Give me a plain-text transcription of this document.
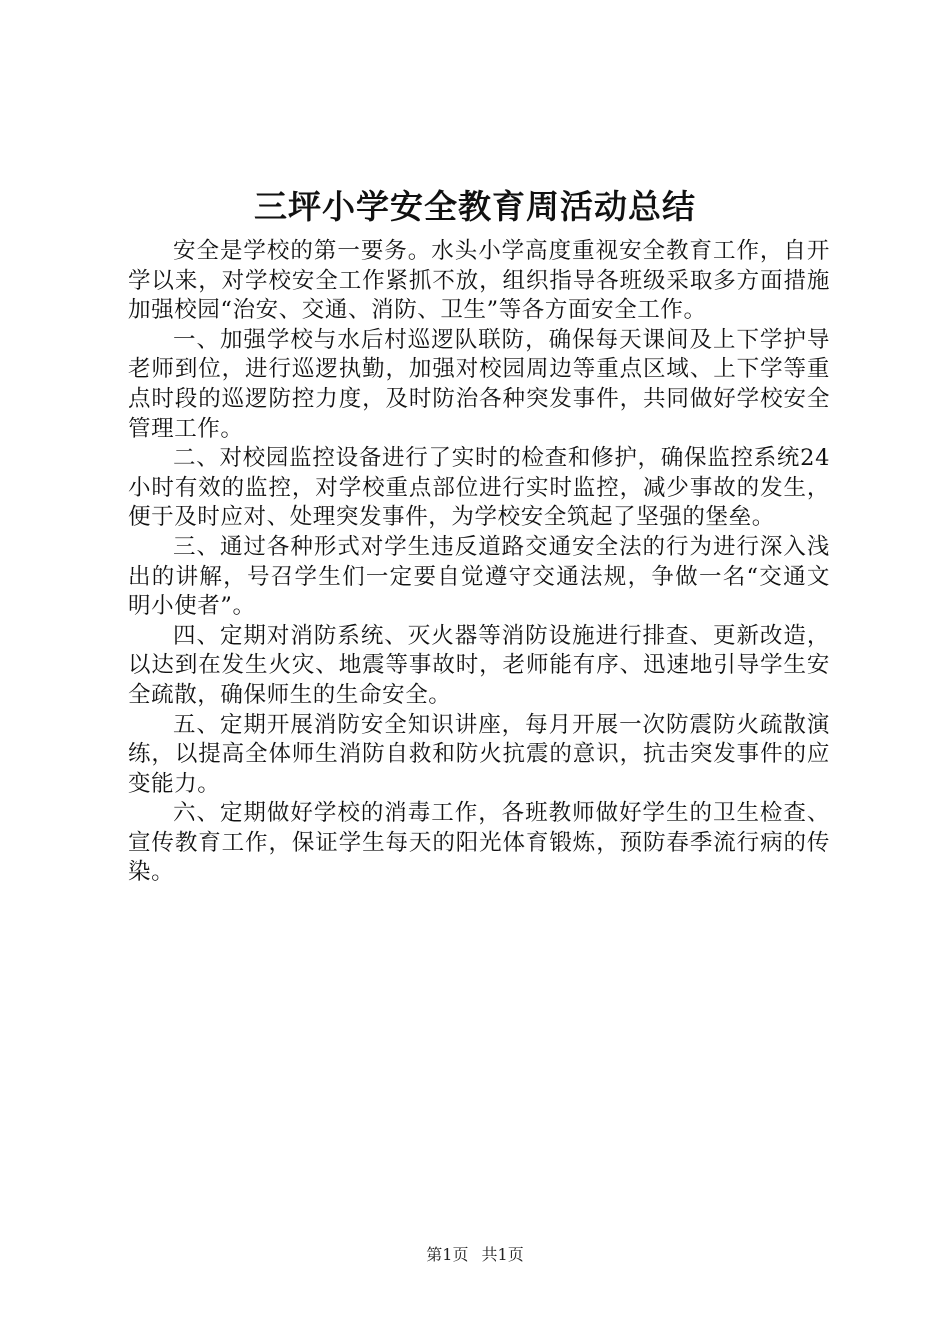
三坪小学安全教育周活动总结

安全是学校的第一要务。水头小学高度重视安全教育工作，自开学以来，对学校安全工作紧抓不放，组织指导各班级采取多方面措施加强校园“治安、交通、消防、卫生”等各方面安全工作。

一、加强学校与水后村巡逻队联防，确保每天课间及上下学护导老师到位，进行巡逻执勤，加强对校园周边等重点区域、上下学等重点时段的巡逻防控力度，及时防治各种突发事件，共同做好学校安全管理工作。

二、对校园监控设备进行了实时的检查和修护，确保监控系统24小时有效的监控，对学校重点部位进行实时监控，减少事故的发生，便于及时应对、处理突发事件，为学校安全筑起了坚强的堡垒。

三、通过各种形式对学生违反道路交通安全法的行为进行深入浅出的讲解，号召学生们一定要自觉遵守交通法规，争做一名“交通文明小使者”。

四、定期对消防系统、灭火器等消防设施进行排查、更新改造，以达到在发生火灾、地震等事故时，老师能有序、迅速地引导学生安全疏散，确保师生的生命安全。

五、定期开展消防安全知识讲座，每月开展一次防震防火疏散演练，以提高全体师生消防自救和防火抗震的意识，抗击突发事件的应变能力。

六、定期做好学校的消毒工作，各班教师做好学生的卫生检查、宣传教育工作，保证学生每天的阳光体育锻炼，预防春季流行病的传染。

第1页 共1页
